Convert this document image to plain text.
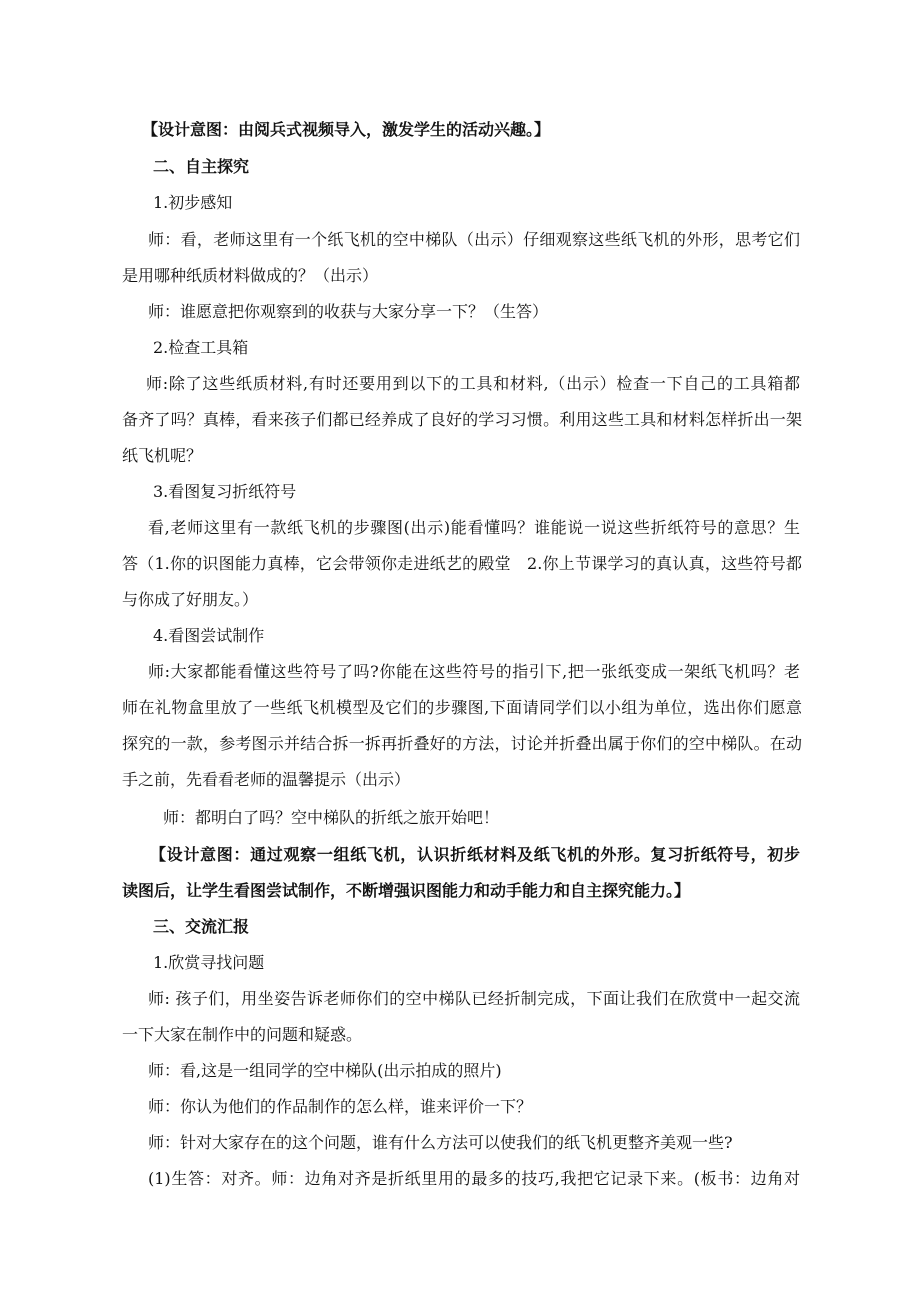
【设计意图：由阅兵式视频导入，激发学生的活动兴趣。】
二、自主探究
1.初步感知
师：看，老师这里有一个纸飞机的空中梯队（出示）仔细观察这些纸飞机的外形，思考它们
是用哪种纸质材料做成的？（出示）
师：谁愿意把你观察到的收获与大家分享一下？（生答）
2.检查工具箱
师:除了这些纸质材料,有时还要用到以下的工具和材料,（出示）检查一下自己的工具箱都
备齐了吗？真棒，看来孩子们都已经养成了良好的学习习惯。利用这些工具和材料怎样折出一架
纸飞机呢？
3.看图复习折纸符号
看,老师这里有一款纸飞机的步骤图(出示)能看懂吗？谁能说一说这些折纸符号的意思？生
答（1.你的识图能力真棒，它会带领你走进纸艺的殿堂　2.你上节课学习的真认真，这些符号都
与你成了好朋友。）
4.看图尝试制作
师:大家都能看懂这些符号了吗?你能在这些符号的指引下,把一张纸变成一架纸飞机吗？老
师在礼物盒里放了一些纸飞机模型及它们的步骤图,下面请同学们以小组为单位，选出你们愿意
探究的一款，参考图示并结合拆一拆再折叠好的方法，讨论并折叠出属于你们的空中梯队。在动
手之前，先看看老师的温馨提示（出示）
师：都明白了吗？空中梯队的折纸之旅开始吧！
【设计意图：通过观察一组纸飞机，认识折纸材料及纸飞机的外形。复习折纸符号，初步
读图后，让学生看图尝试制作，不断增强识图能力和动手能力和自主探究能力。】
三、交流汇报
1.欣赏寻找问题
师: 孩子们，用坐姿告诉老师你们的空中梯队已经折制完成，下面让我们在欣赏中一起交流
一下大家在制作中的问题和疑惑。
师：看,这是一组同学的空中梯队(出示拍成的照片)
师：你认为他们的作品制作的怎么样，谁来评价一下？
师：针对大家存在的这个问题，谁有什么方法可以使我们的纸飞机更整齐美观一些?
(1)生答：对齐。师：边角对齐是折纸里用的最多的技巧,我把它记录下来。(板书：边角对
